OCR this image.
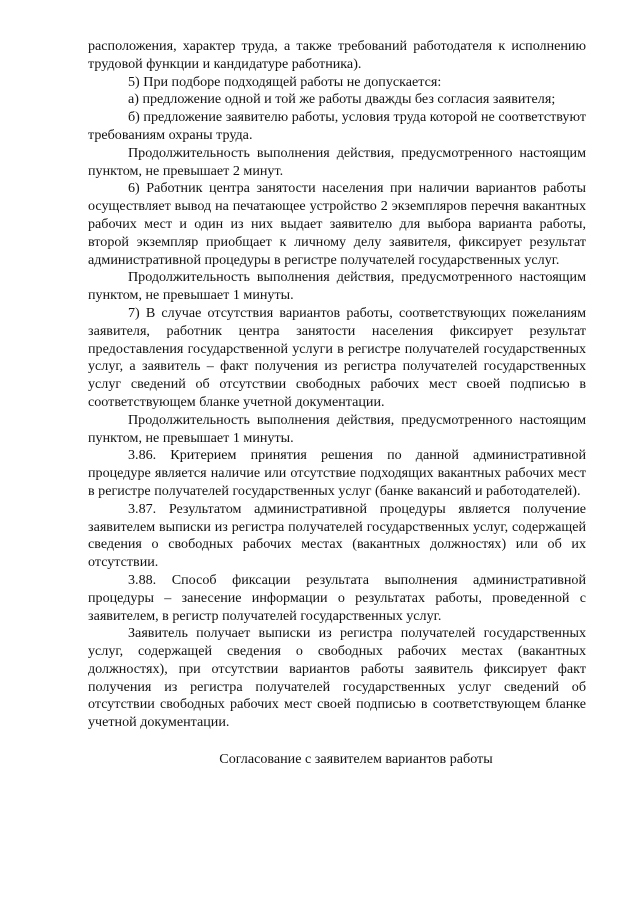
расположения, характер труда, а также требований работодателя к исполнению трудовой функции и кандидатуре работника).

5) При подборе подходящей работы не допускается:

а) предложение одной и той же работы дважды без согласия заявителя;

б) предложение заявителю работы, условия труда которой не соответствуют требованиям охраны труда.

Продолжительность выполнения действия, предусмотренного настоящим пунктом, не превышает 2 минут.

6) Работник центра занятости населения при наличии вариантов работы осуществляет вывод на печатающее устройство 2 экземпляров перечня вакантных рабочих мест и один из них выдает заявителю для выбора варианта работы, второй экземпляр приобщает к личному делу заявителя, фиксирует результат административной процедуры в регистре получателей государственных услуг.

Продолжительность выполнения действия, предусмотренного настоящим пунктом, не превышает 1 минуты.

7) В случае отсутствия вариантов работы, соответствующих пожеланиям заявителя, работник центра занятости населения фиксирует результат предоставления государственной услуги в регистре получателей государственных услуг, а заявитель – факт получения из регистра получателей государственных услуг сведений об отсутствии свободных рабочих мест своей подписью в соответствующем бланке учетной документации.

Продолжительность выполнения действия, предусмотренного настоящим пунктом, не превышает 1 минуты.

3.86. Критерием принятия решения по данной административной процедуре является наличие или отсутствие подходящих вакантных рабочих мест в регистре получателей государственных услуг (банке вакансий и работодателей).

3.87. Результатом административной процедуры является получение заявителем выписки из регистра получателей государственных услуг, содержащей сведения о свободных рабочих местах (вакантных должностях) или об их отсутствии.

3.88. Способ фиксации результата выполнения административной процедуры – занесение информации о результатах работы, проведенной с заявителем, в регистр получателей государственных услуг.

Заявитель получает выписки из регистра получателей государственных услуг, содержащей сведения о свободных рабочих местах (вакантных должностях), при отсутствии вариантов работы заявитель фиксирует факт получения из регистра получателей государственных услуг сведений об отсутствии свободных рабочих мест своей подписью в соответствующем бланке учетной документации.

Согласование с заявителем вариантов работы
